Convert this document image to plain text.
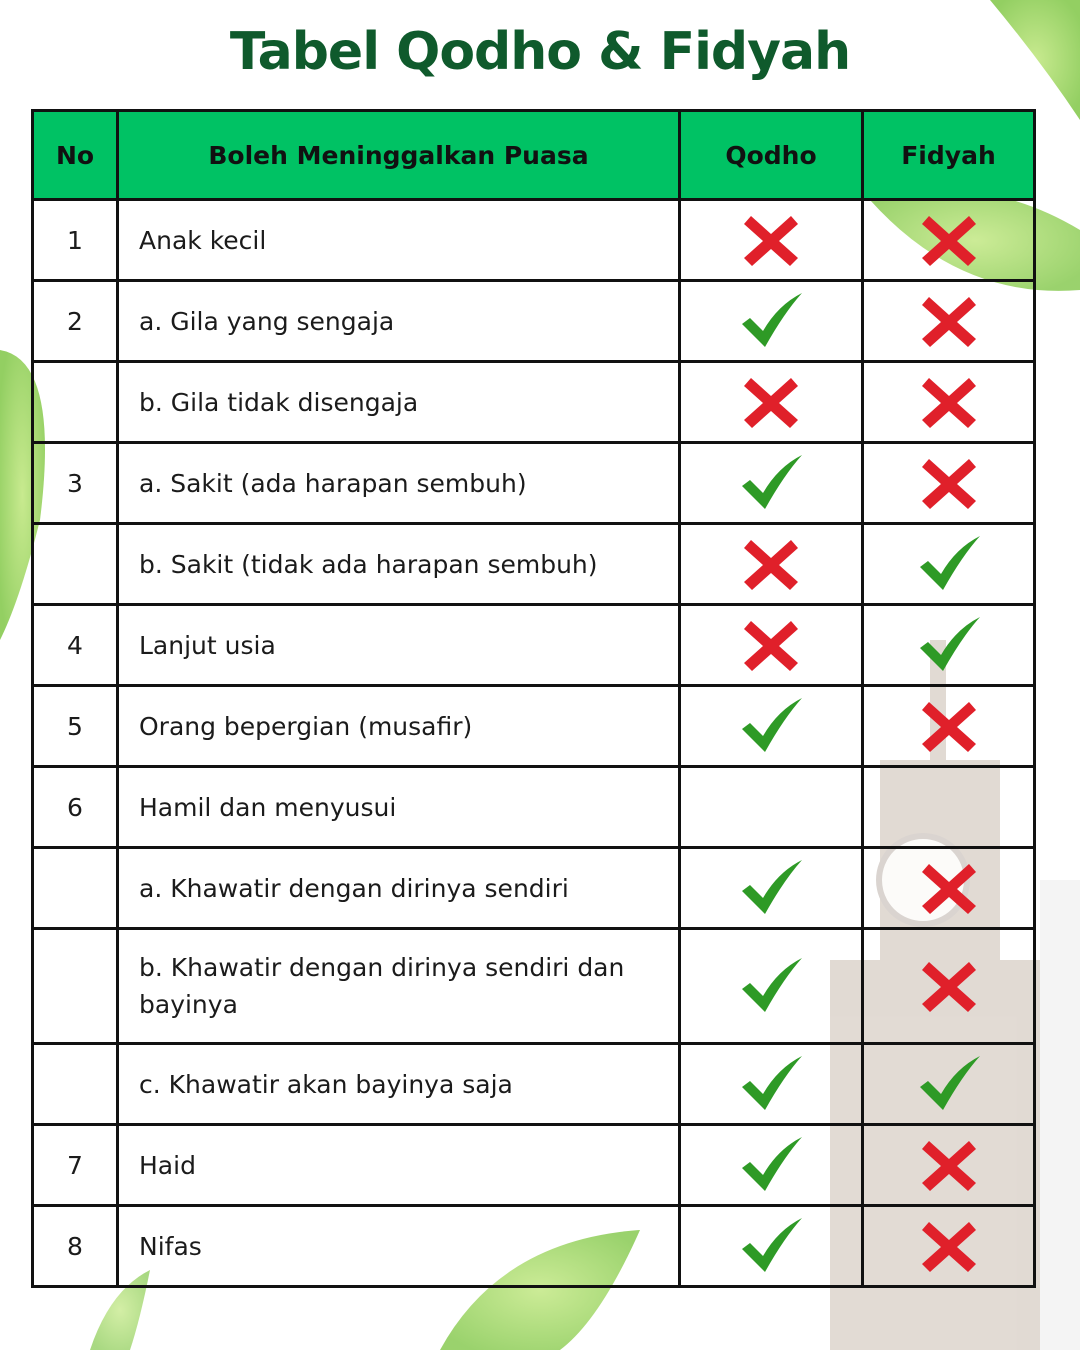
Tabel Qodho & Fidyah
No	Boleh Meninggalkan Puasa	Qodho	Fidyah
1	Anak kecil	

2	a. Gila yang sengaja	

	b. Gila tidak disengaja	

3	a. Sakit (ada harapan sembuh)	

	b. Sakit (tidak ada harapan sembuh)	

4	Lanjut usia	

5	Orang bepergian (musafir)	

6	Hamil dan menyusui		
	a. Khawatir dengan dirinya sendiri	

	b. Khawatir dengan dirinya sendiri dan bayinya	

	c. Khawatir akan bayinya saja	

7	Haid	

8	Nifas	
